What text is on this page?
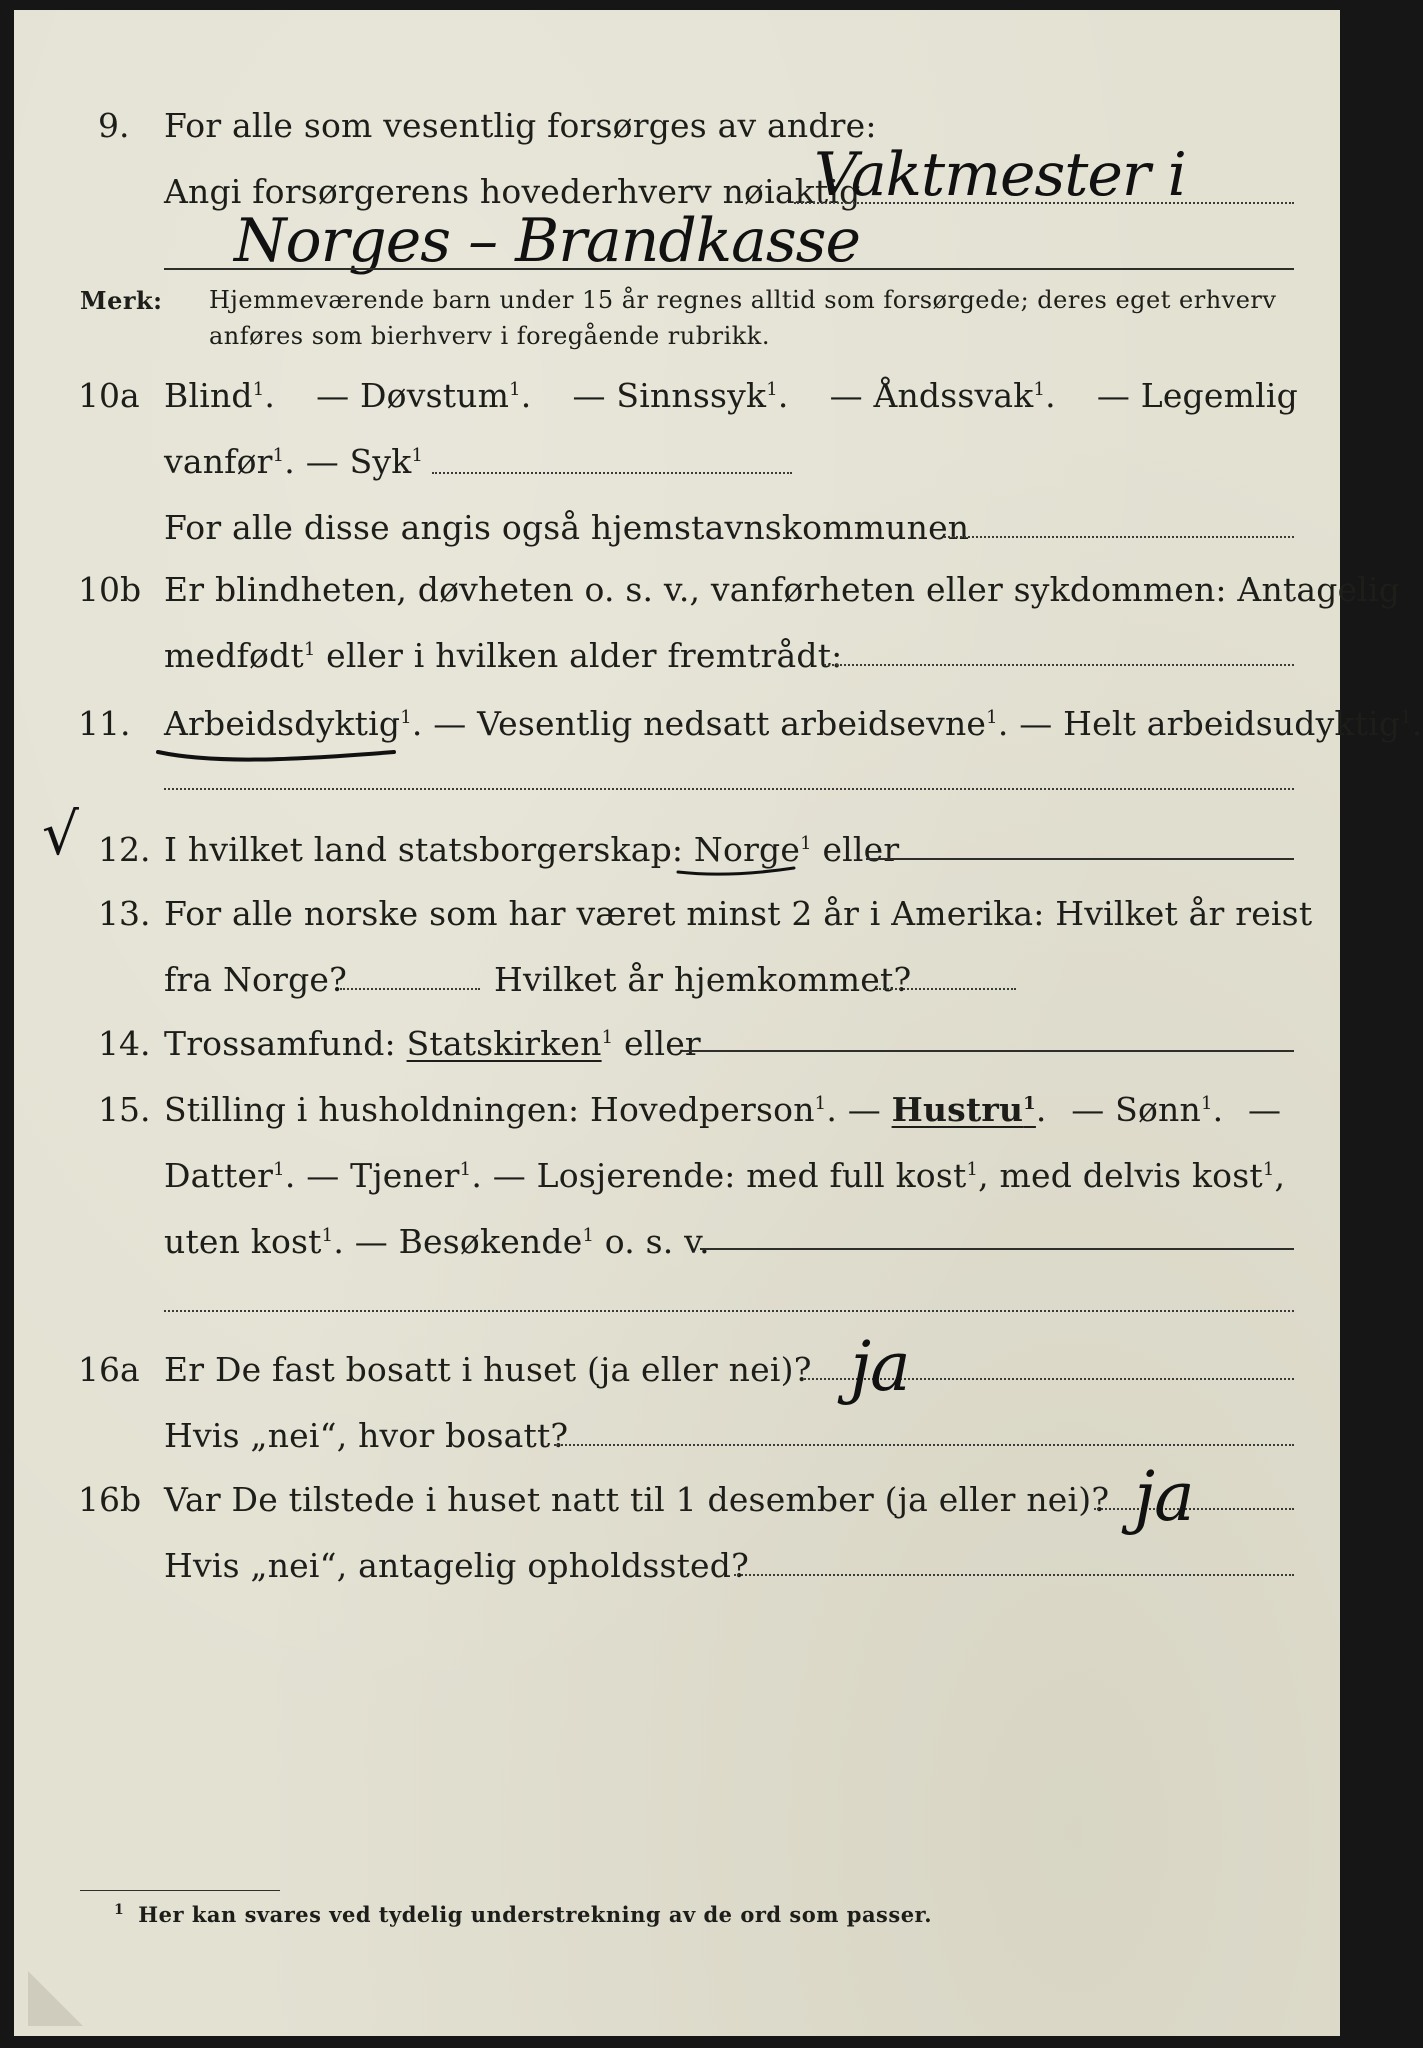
9. For alle som vesentlig forsørges av andre:
Angi forsørgerens hovederhverv nøiaktig
Vaktmester i
Norges – Brandkasse
Merk: Hjemmeværende barn under 15 år regnes alltid som forsørgede; deres eget erhverv
anføres som bierhverv i foregående rubrikk.
10a Blind$^1$. — Døvstum$^1$. — Sinnssyk$^1$. — Åndssvak$^1$. — Legemlig
vanfør$^1$. — Syk$^1$
For alle disse angis også hjemstavnskommunen
10b Er blindheten, døvheten o. s. v., vanførheten eller sykdommen: Antagelig
medfødt$^1$ eller i hvilken alder fremtrådt:
11. Arbeidsdyktig$^1$. — Vesentlig nedsatt arbeidsevne$^1$. — Helt arbeidsudyktig$^1$.
√ 12. I hvilket land statsborgerskap: Norge$^1$ eller
13. For alle norske som har været minst 2 år i Amerika: Hvilket år reist
fra Norge?	Hvilket år hjemkommet?
14. Trossamfund: Statskirken$^1$ eller
15. Stilling i husholdningen: Hovedperson$^1$. — Hustru$^1$. — Sønn$^1$. —
Datter$^1$. — Tjener$^1$. — Losjerende: med full kost$^1$, med delvis kost$^1$,
uten kost$^1$. — Besøkende$^1$ o. s. v.
16a Er De fast bosatt i huset (ja eller nei)? ja
Hvis „nei“, hvor bosatt?
16b Var De tilstede i huset natt til 1 desember (ja eller nei)? ja
Hvis „nei“, antagelig opholdssted?
$^1$ Her kan svares ved tydelig understrekning av de ord som passer.
